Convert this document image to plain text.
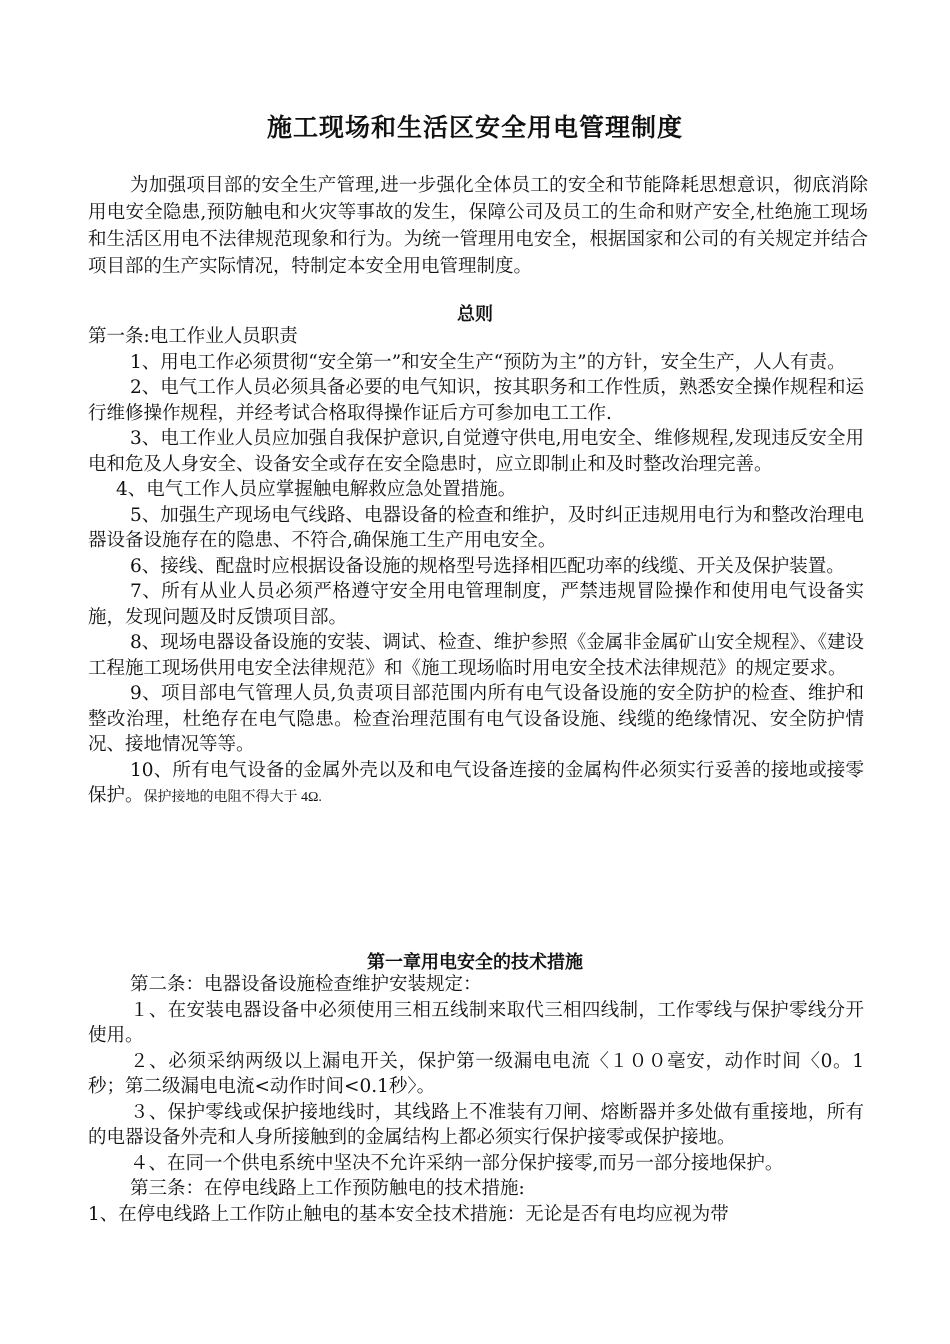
施工现场和生活区安全用电管理制度
为加强项目部的安全生产管理,进一步强化全体员工的安全和节能降耗思想意识，彻底消除用电安全隐患,预防触电和火灾等事故的发生，保障公司及员工的生命和财产安全,杜绝施工现场和生活区用电不法律规范现象和行为。为统一管理用电安全，根据国家和公司的有关规定并结合项目部的生产实际情况，特制定本安全用电管理制度。
总则

第一条:电工作业人员职责

1、用电工作必须贯彻“安全第一”和安全生产“预防为主”的方针，安全生产，人人有责。

2、电气工作人员必须具备必要的电气知识，按其职务和工作性质，熟悉安全操作规程和运行维修操作规程，并经考试合格取得操作证后方可参加电工工作.

3、电工作业人员应加强自我保护意识,自觉遵守供电,用电安全、维修规程,发现违反安全用电和危及人身安全、设备安全或存在安全隐患时，应立即制止和及时整改治理完善。

4、电气工作人员应掌握触电解救应急处置措施。

5、加强生产现场电气线路、电器设备的检查和维护，及时纠正违规用电行为和整改治理电器设备设施存在的隐患、不符合,确保施工生产用电安全。

6、接线、配盘时应根据设备设施的规格型号选择相匹配功率的线缆、开关及保护装置。

7、所有从业人员必须严格遵守安全用电管理制度，严禁违规冒险操作和使用电气设备实施，发现问题及时反馈项目部。

8、现场电器设备设施的安装、调试、检查、维护参照《金属非金属矿山安全规程》、《建设工程施工现场供用电安全法律规范》和《施工现场临时用电安全技术法律规范》的规定要求。

9、项目部电气管理人员,负责项目部范围内所有电气设备设施的安全防护的检查、维护和整改治理，杜绝存在电气隐患。检查治理范围有电气设备设施、线缆的绝缘情况、安全防护情况、接地情况等等。

10、所有电气设备的金属外壳以及和电气设备连接的金属构件必须实行妥善的接地或接零保护。保护接地的电阻不得大于 4Ω.

第一章用电安全的技术措施

第二条：电器设备设施检查维护安装规定：

１、在安装电器设备中必须使用三相五线制来取代三相四线制，工作零线与保护零线分开使用。

２、必须采纳两级以上漏电开关，保护第一级漏电电流〈１００毫安，动作时间〈0。1秒；第二级漏电电流<动作时间<0.1秒〉。

３、保护零线或保护接地线时，其线路上不准装有刀闸、熔断器并多处做有重接地，所有的电器设备外壳和人身所接触到的金属结构上都必须实行保护接零或保护接地。

４、在同一个供电系统中坚决不允许采纳一部分保护接零,而另一部分接地保护。

第三条：在停电线路上工作预防触电的技术措施:

1、在停电线路上工作防止触电的基本安全技术措施：无论是否有电均应视为带
